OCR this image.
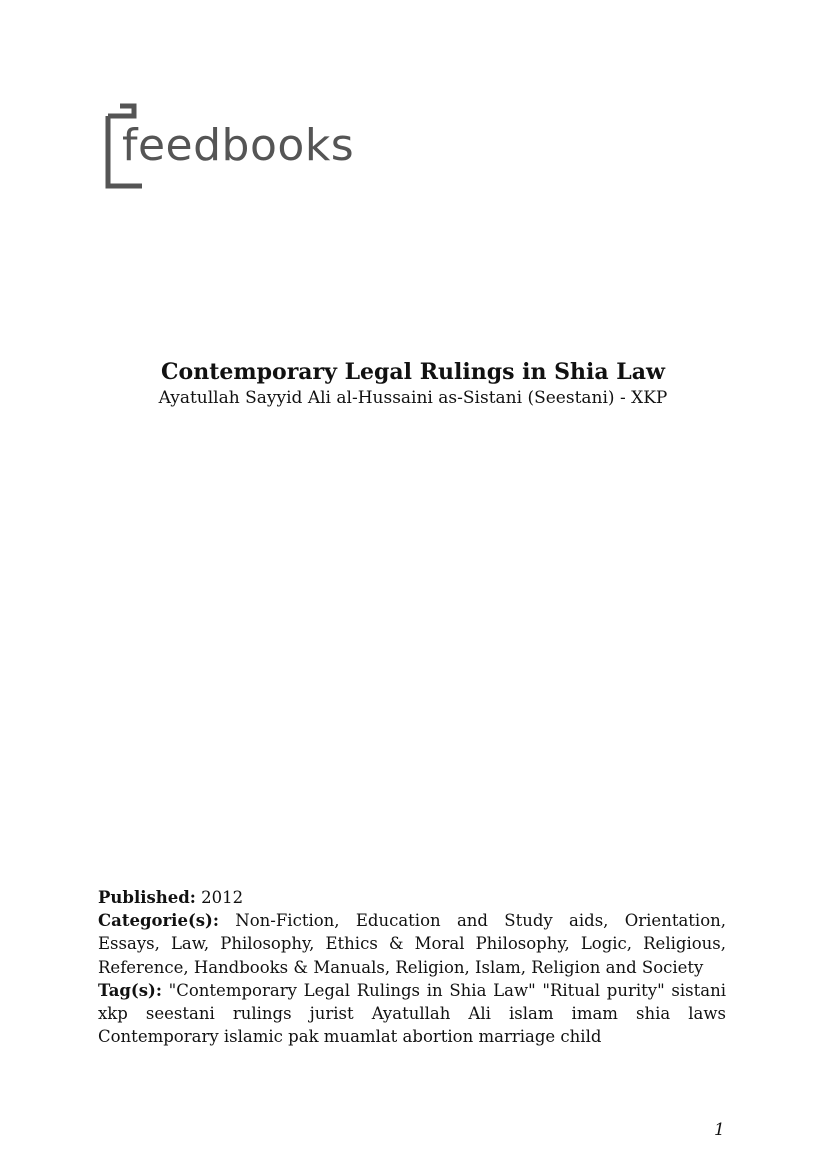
feedbooks

Contemporary Legal Rulings in Shia Law

Ayatullah Sayyid Ali al-Hussaini as-Sistani (Seestani) - XKP

Published: 2012

Categorie(s): Non-Fiction, Education and Study aids, Orientation, Essays, Law, Philosophy, Ethics & Moral Philosophy, Logic, Religious, Reference, Handbooks & Manuals, Religion, Islam, Religion and Society

Tag(s): "Contemporary Legal Rulings in Shia Law" "Ritual purity" sistani xkp seestani rulings jurist Ayatullah Ali islam imam shia laws Contemporary islamic pak muamlat abortion marriage child

1
